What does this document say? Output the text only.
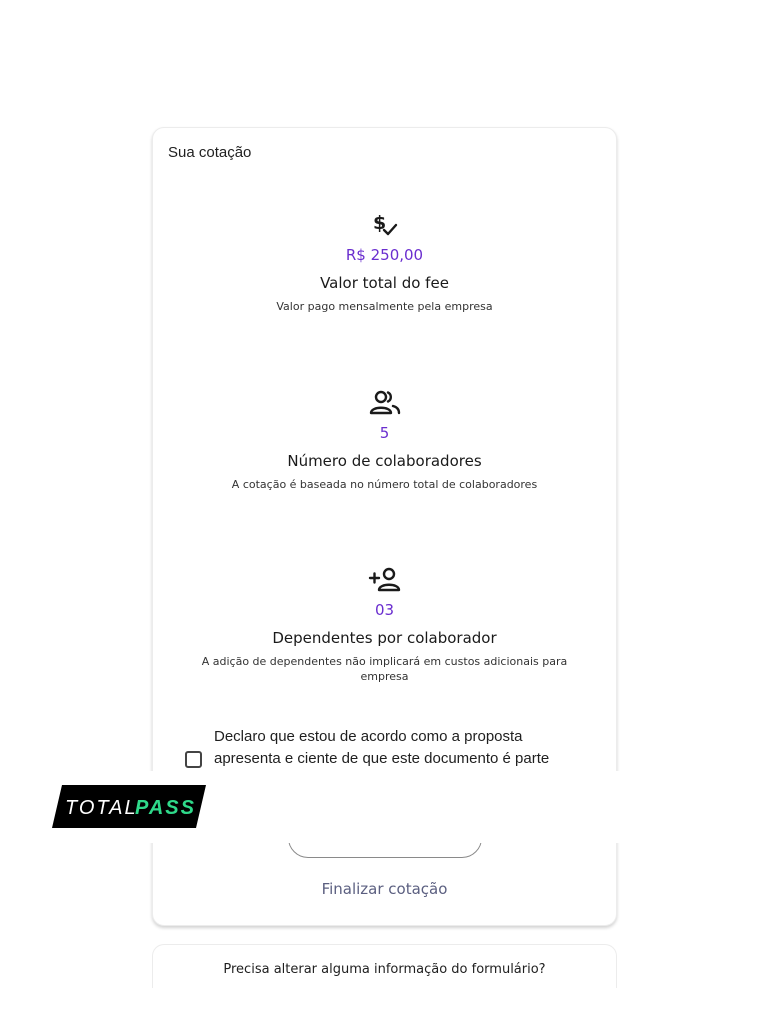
Sua cotação
$
R$ 250,00
Valor total do fee
Valor pago mensalmente pela empresa
5
Número de colaboradores
A cotação é baseada no número total de colaboradores
03
Dependentes por colaborador
A adição de dependentes não implicará em custos adicionais para empresa
Declaro que estou de acordo como a proposta apresenta e ciente de que este documento é parte
Finalizar cotação
TOTAL
PASS
Precisa alterar alguma informação do formulário?
